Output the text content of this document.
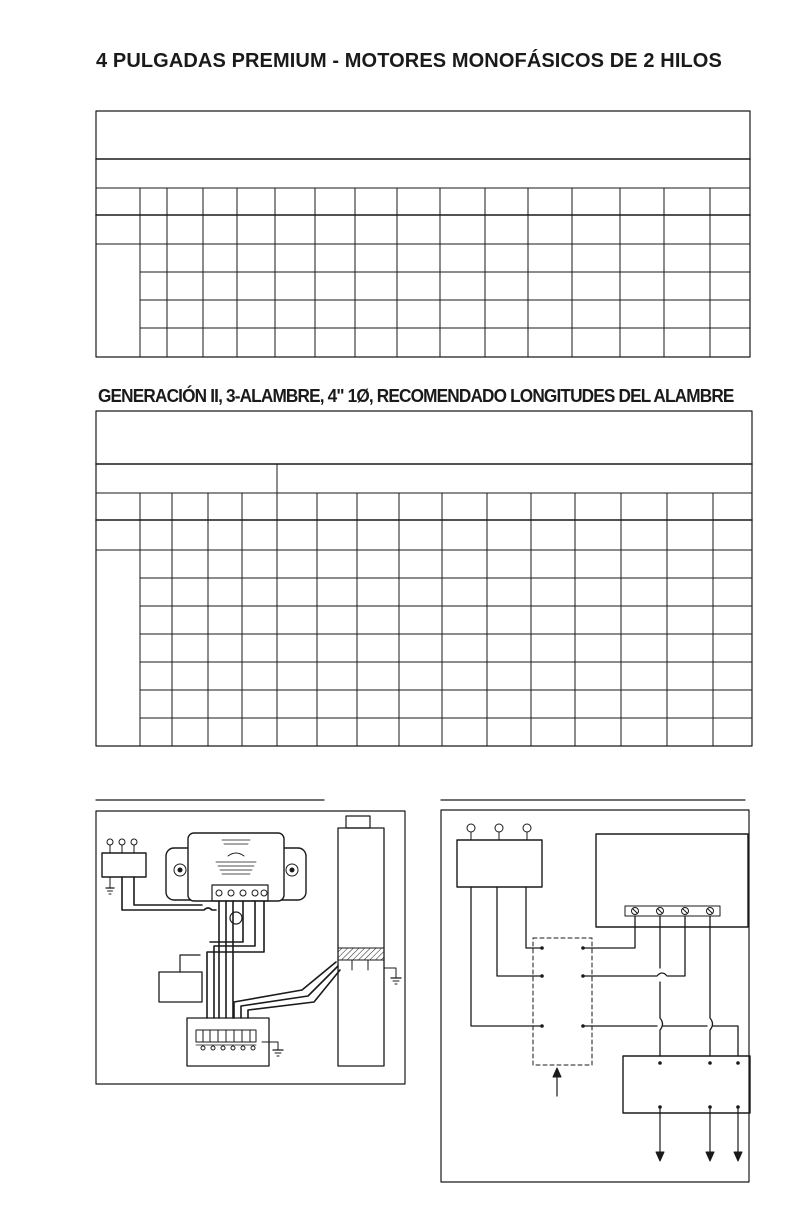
4 PULGADAS PREMIUM - MOTORES MONOFÁSICOS DE 2 HILOS
GENERACIÓN II, 3-ALAMBRE, 4" 1Ø, RECOMENDADO LONGITUDES DEL ALAMBRE
